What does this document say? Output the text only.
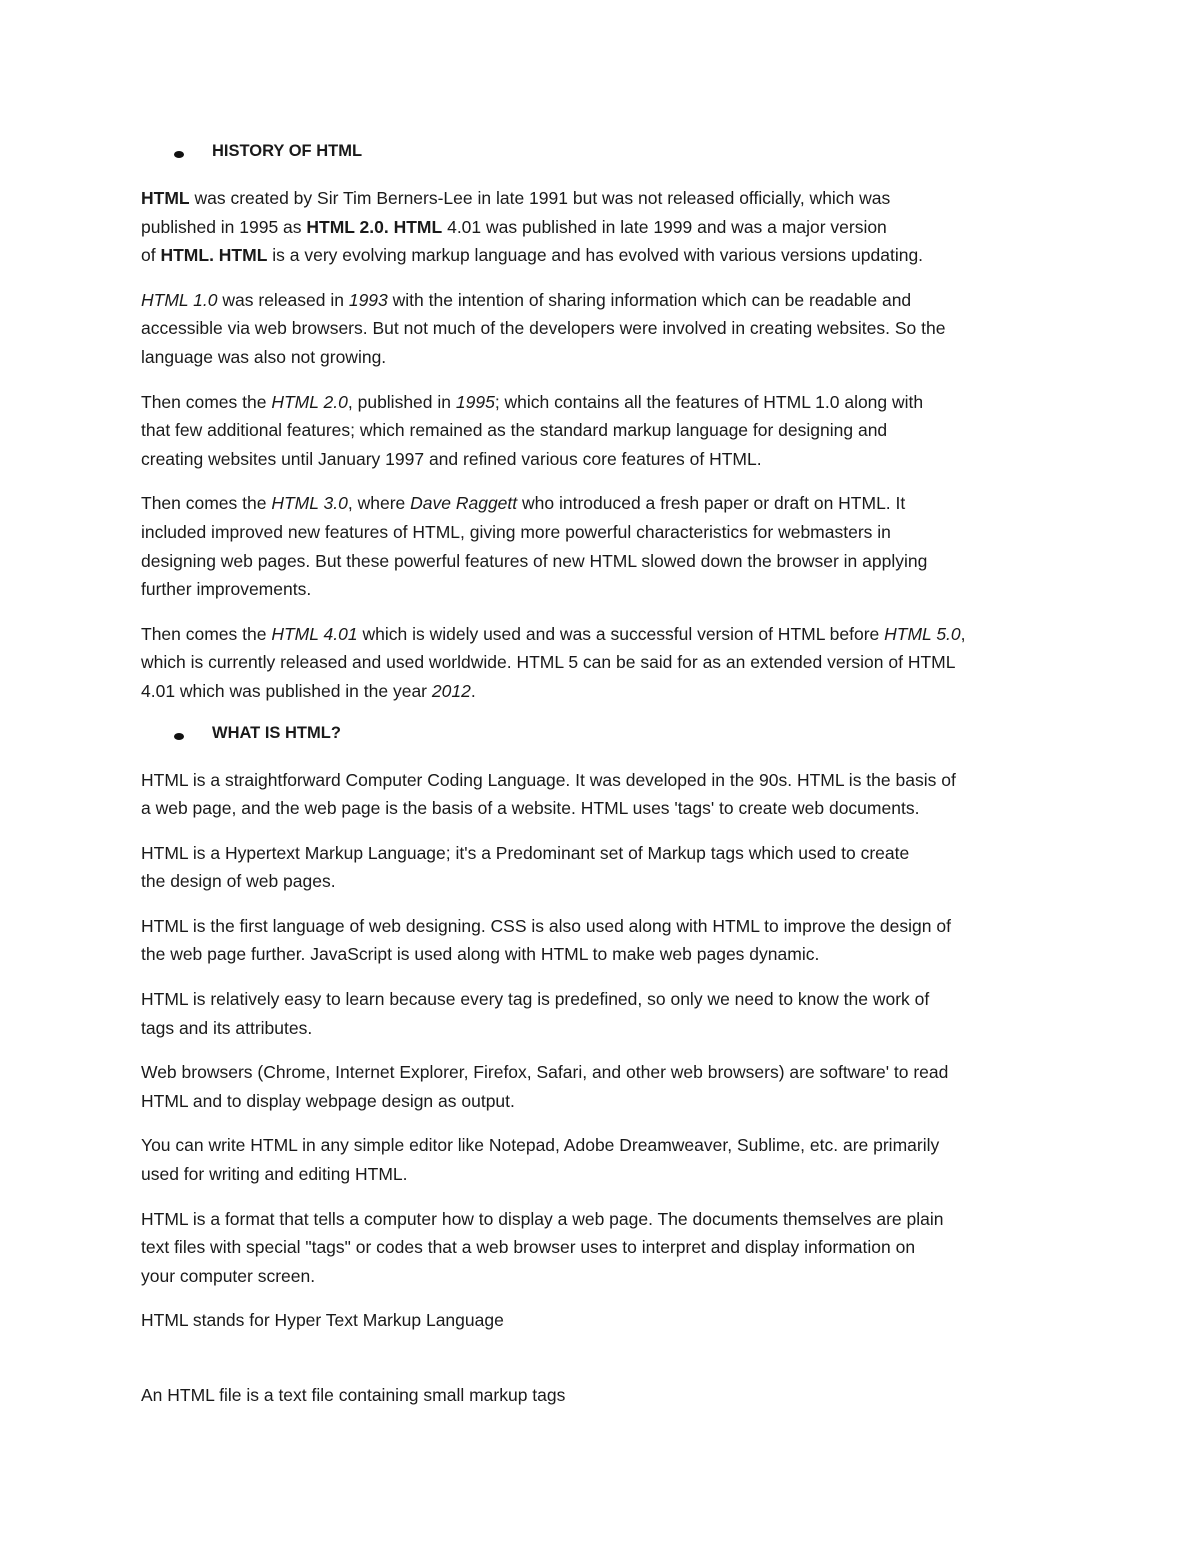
HISTORY OF HTML

HTML was created by Sir Tim Berners-Lee in late 1991 but was not released officially, which was
published in 1995 as HTML 2.0. HTML 4.01 was published in late 1999 and was a major version
of HTML. HTML is a very evolving markup language and has evolved with various versions updating.

HTML 1.0 was released in 1993 with the intention of sharing information which can be readable and
accessible via web browsers. But not much of the developers were involved in creating websites. So the
language was also not growing.

Then comes the HTML 2.0, published in 1995; which contains all the features of HTML 1.0 along with
that few additional features; which remained as the standard markup language for designing and
creating websites until January 1997 and refined various core features of HTML.

Then comes the HTML 3.0, where Dave Raggett who introduced a fresh paper or draft on HTML. It
included improved new features of HTML, giving more powerful characteristics for webmasters in
designing web pages. But these powerful features of new HTML slowed down the browser in applying
further improvements.

Then comes the HTML 4.01 which is widely used and was a successful version of HTML before HTML 5.0,
which is currently released and used worldwide. HTML 5 can be said for as an extended version of HTML
4.01 which was published in the year 2012.

WHAT IS HTML?

HTML is a straightforward Computer Coding Language. It was developed in the 90s. HTML is the basis of
a web page, and the web page is the basis of a website. HTML uses 'tags' to create web documents.

HTML is a Hypertext Markup Language; it's a Predominant set of Markup tags which used to create
the design of web pages.

HTML is the first language of web designing. CSS is also used along with HTML to improve the design of
the web page further. JavaScript is used along with HTML to make web pages dynamic.

HTML is relatively easy to learn because every tag is predefined, so only we need to know the work of
tags and its attributes.

Web browsers (Chrome, Internet Explorer, Firefox, Safari, and other web browsers) are software' to read
HTML and to display webpage design as output.

You can write HTML in any simple editor like Notepad, Adobe Dreamweaver, Sublime, etc. are primarily
used for writing and editing HTML.

HTML is a format that tells a computer how to display a web page. The documents themselves are plain
text files with special "tags" or codes that a web browser uses to interpret and display information on
your computer screen.

HTML stands for Hyper Text Markup Language

An HTML file is a text file containing small markup tags
